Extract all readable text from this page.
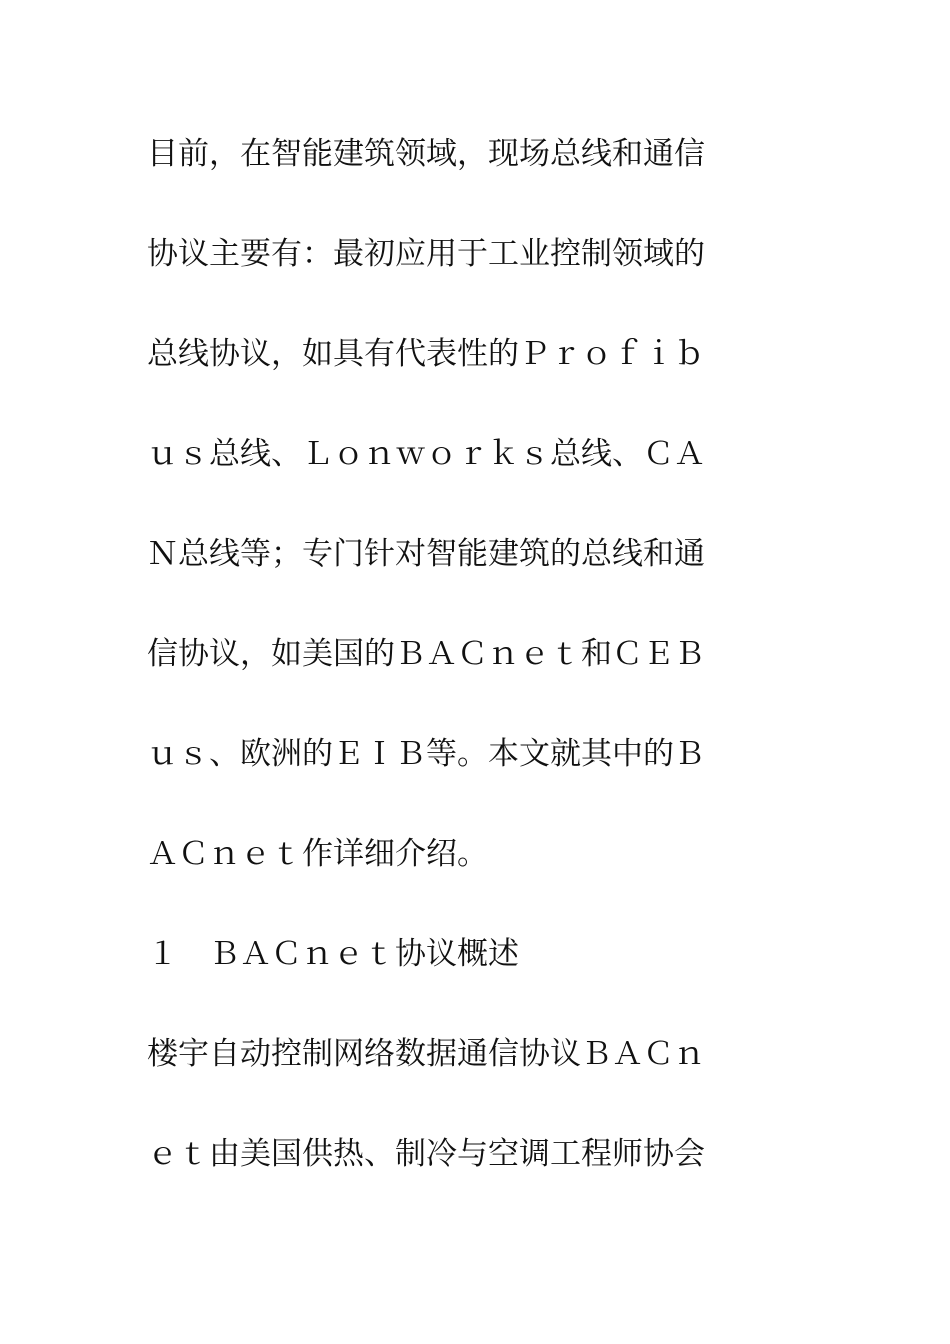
目前，在智能建筑领域，现场总线和通信
协议主要有：最初应用于工业控制领域的
总线协议，如具有代表性的Ｐｒｏｆｉｂ
ｕｓ总线、Ｌｏｎｗｏｒｋｓ总线、ＣＡ
Ｎ总线等；专门针对智能建筑的总线和通
信协议，如美国的ＢＡＣｎｅｔ和ＣＥＢ
ｕｓ、欧洲的ＥＩＢ等。本文就其中的Ｂ
ＡＣｎｅｔ作详细介绍。
１　ＢＡＣｎｅｔ协议概述
楼宇自动控制网络数据通信协议ＢＡＣｎ
ｅｔ由美国供热、制冷与空调工程师协会
